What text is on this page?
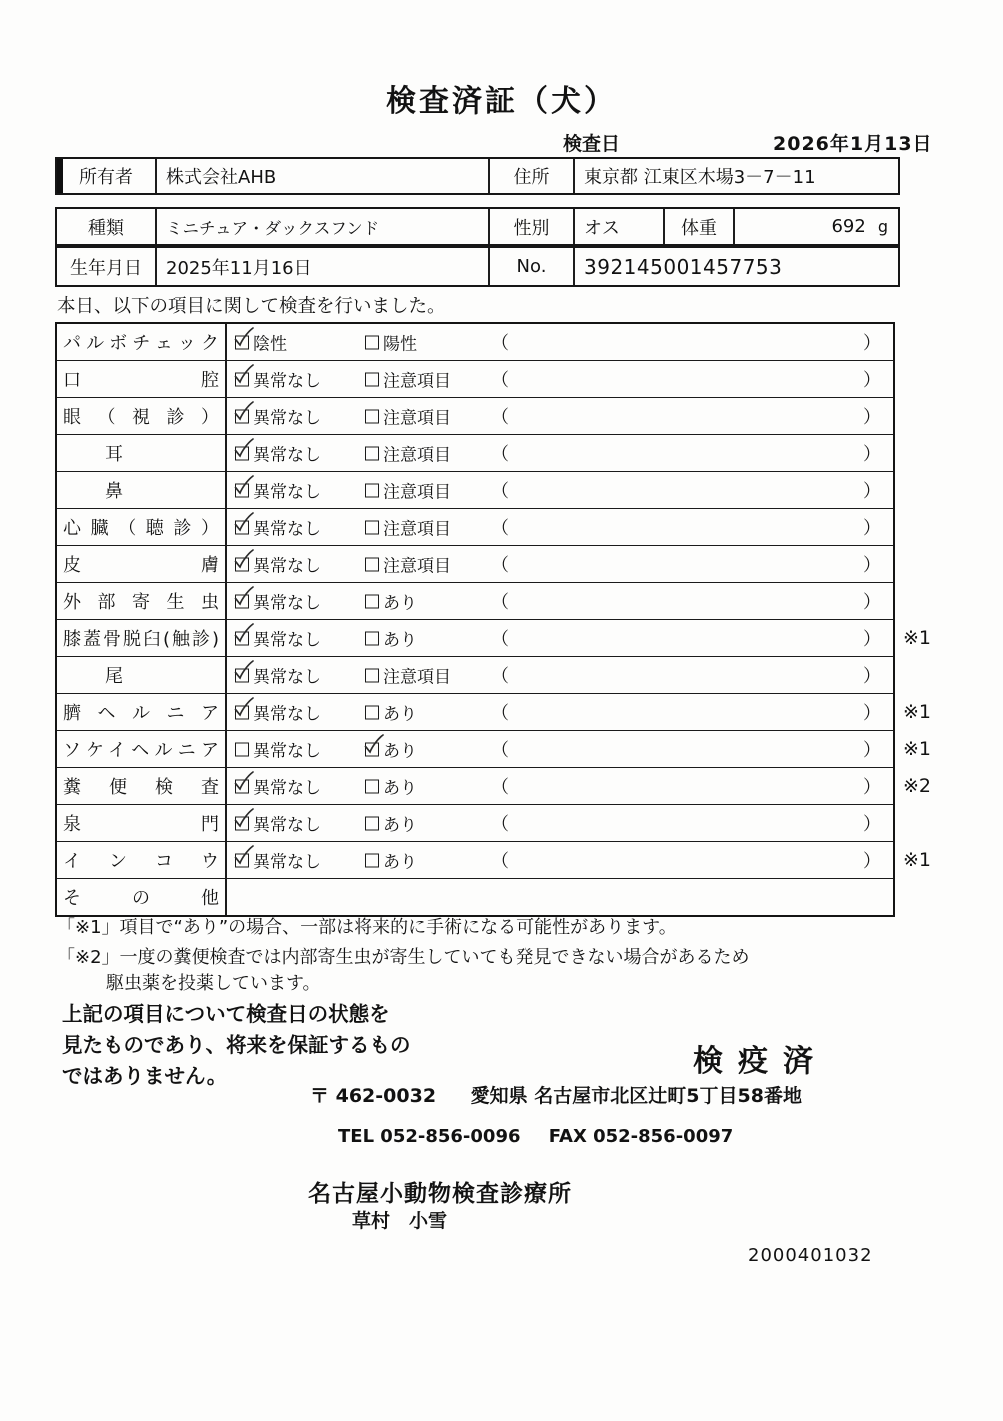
検査済証（犬）
検査日	2026年1月13日
所有者	株式会社AHB	住所	東京都 江東区木場3－7－11
種類	ミニチュア・ダックスフンド	性別	オス	体重	692 g
生年月日	2025年11月16日	No.	392145001457753
本日、以下の項目に関して検査を行いました。
パルボチェック	陰性	陽性	（	）
口腔	異常なし	注意項目 （	）
眼（視診）	異常なし	注意項目 （	）
耳	異常なし	注意項目 （	）
鼻	異常なし	注意項目 （	）
心臓（聴診）	異常なし	注意項目 （	）
皮膚	異常なし	注意項目 （	）
外部寄生虫	異常なし	あり	（	）
膝蓋骨脱臼(触診)	異常なし	あり	（	） ※1
尾	異常なし	注意項目 （	）
臍ヘルニア	異常なし	あり	（	） ※1
ソケイヘルニア	異常なし	あり	（	） ※1
糞便検査	異常なし	あり	（	） ※2
泉門	異常なし	あり	（	）
インコウ	異常なし	あり	（	） ※1
その他
「※1」項目で“あり”の場合、一部は将来的に手術になる可能性があります。
「※2」一度の糞便検査では内部寄生虫が寄生していても発見できない場合があるため
駆虫薬を投薬しています。
上記の項目について検査日の状態を
見たものであり、将来を保証するもの
ではありません。	検疫済
〒 462-0032 愛知県 名古屋市北区辻町5丁目58番地
TEL 052-856-0096 FAX 052-856-0097
名古屋小動物検査診療所
草村　小雪
2000401032
